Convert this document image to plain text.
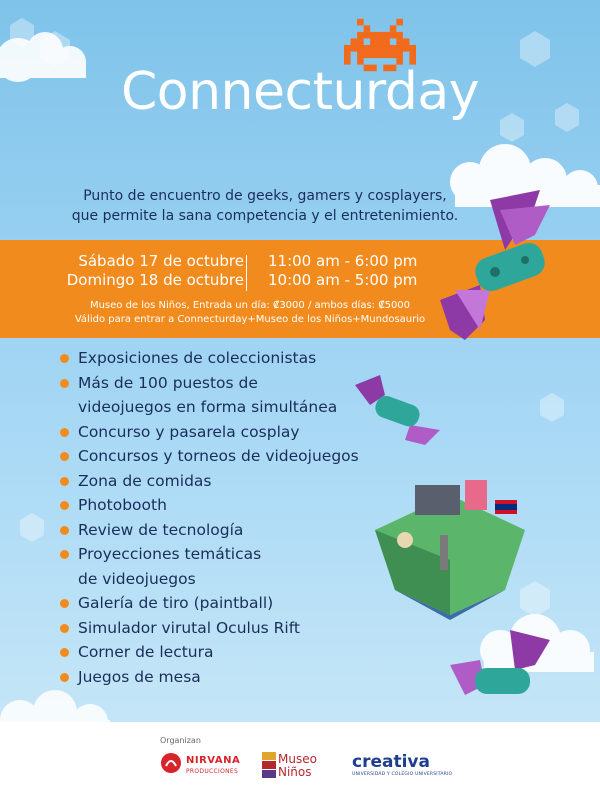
Connecturday
Punto de encuentro de geeks, gamers y cosplayers,
que permite la sana competencia y el entretenimiento.
Sábado 17 de octubre
Domingo 18 de octubre
11:00 am - 6:00 pm
10:00 am - 5:00 pm
Museo de los Niños, Entrada un día: ₡3000 / ambos días: ₡5000
Válido para entrar a Connecturday+Museo de los Niños+Mundosaurio
Exposiciones de coleccionistas
Más de 100 puestos de
videojuegos en forma simultánea
Concurso y pasarela cosplay
Concursos y torneos de videojuegos
Zona de comidas
Photobooth
Review de tecnología
Proyecciones temáticas
de videojuegos
Galería de tiro (paintball)
Simulador virutal Oculus Rift
Corner de lectura
Juegos de mesa
Organizan
NIRVANA
PRODUCCIONES
Museo
Niños creativa
UNIVERSIDAD Y COLEGIO UNIVERSITARIO
